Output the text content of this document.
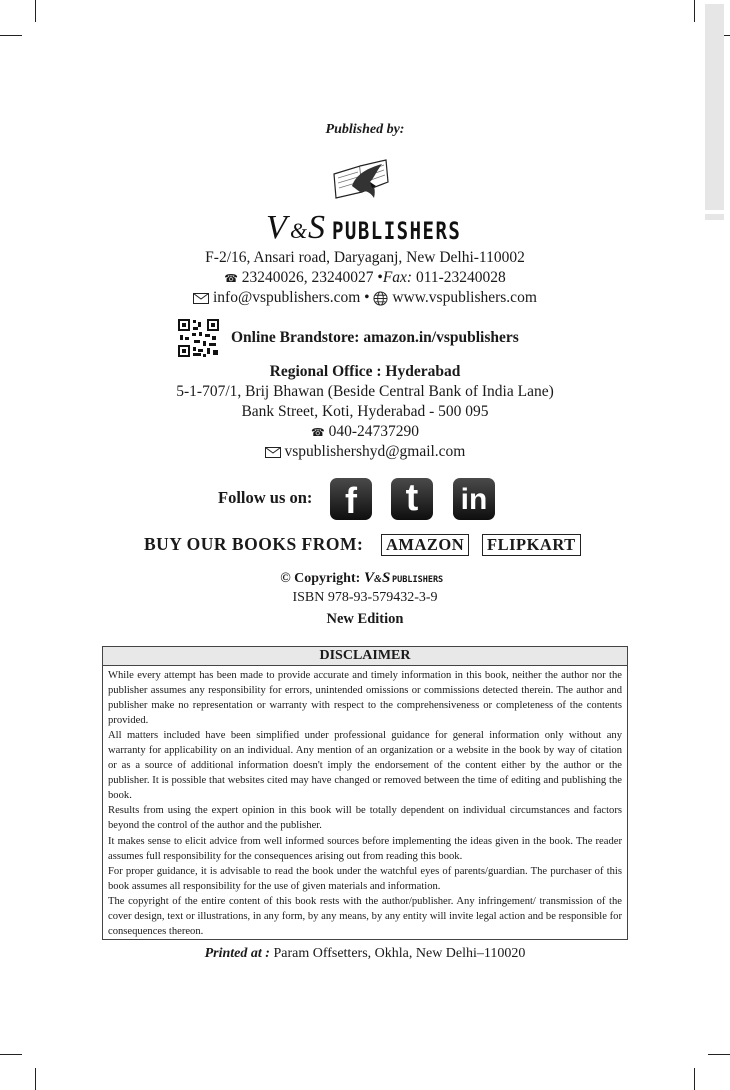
Published by:
V & S PUBLISHERS
F-2/16, Ansari road, Daryaganj, New Delhi-110002
☎ 23240026, 23240027 •Fax: 011-23240028
info@vspublishers.com • www.vspublishers.com
Online Brandstore: amazon.in/vspublishers
Regional Office : Hyderabad
5-1-707/1, Brij Bhawan (Beside Central Bank of India Lane)
Bank Street, Koti, Hyderabad - 500 095
☎ 040-24737290
vspublishershyd@gmail.com
Follow us on: f	t	in
BUY OUR BOOKS FROM:	AMAZON	FLIPKART
© Copyright: V & S PUBLISHERS
ISBN 978-93-579432-3-9
New Edition
DISCLAIMER

While every attempt has been made to provide accurate and timely information in this book, neither the author nor the publisher assumes any responsibility for errors, unintended omissions or commissions detected therein. The author and publisher make no representation or warranty with respect to the comprehensiveness or completeness of the contents provided.

All matters included have been simplified under professional guidance for general information only without any warranty for applicability on an individual. Any mention of an organization or a website in the book by way of citation or as a source of additional information doesn't imply the endorsement of the content either by the author or the publisher. It is possible that websites cited may have changed or removed between the time of editing and publishing the book.

Results from using the expert opinion in this book will be totally dependent on individual circumstances and factors beyond the control of the author and the publisher.

It makes sense to elicit advice from well informed sources before implementing the ideas given in the book. The reader assumes full responsibility for the consequences arising out from reading this book.

For proper guidance, it is advisable to read the book under the watchful eyes of parents/guardian. The purchaser of this book assumes all responsibility for the use of given materials and information.

The copyright of the entire content of this book rests with the author/publisher. Any infringement/ transmission of the cover design, text or illustrations, in any form, by any means, by any entity will invite legal action and be responsible for consequences thereon.

Printed at : Param Offsetters, Okhla, New Delhi–110020
